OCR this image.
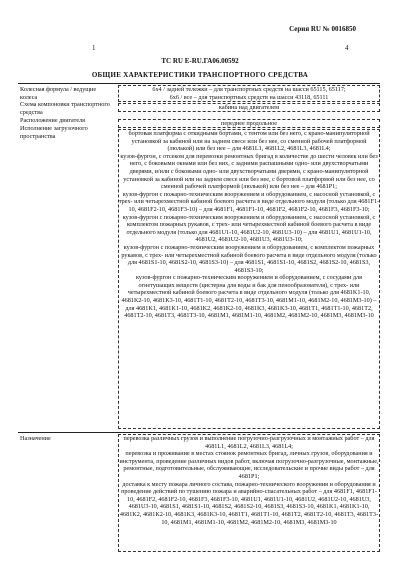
Серия RU № 0016850
1	4
TC RU E-RU.ГА06.00592
ОБЩИЕ ХАРАКТЕРИСТИКИ ТРАНСПОРТНОГО СРЕДСТВА
Колесная формула / ведущие колеса
Схема компоновки транспортного средства
Расположение двигателя
Исполнение загрузочного пространства
Назначение
6х4 / задней тележки – для транспортных средств на шасси 65115, 65117;
6х6 / все – для транспортных средств на шасси 43118, 65111
кабина над двигателем
переднее продольное

бортовая платформа с откидными бортами, с тентом или без него, с крано-манипуляторной установкой за кабиной или на заднем свесе или без нее, со сменной рабочей платформой (люлькой) или без нее – для 4681L1, 4681L2, 4681L3, 4681L4;

кузов-фургон, с отсеком для перевозки ремонтных бригад в количестве до шести человек или без него, с боковыми окнами или без них, с задними распашными одно- или двухстворчатыми дверями, и/или с боковыми одно- или двухстворчатыми дверями, с крано-манипуляторной установкой за кабиной или на заднем свесе или без нее, с бортовой платформой или без нее, со сменной рабочей платформой (люлькой) или без нее – для 4681Р1;

кузов-фургон с пожарно-техническим вооружением и оборудованием, с насосной установкой, с трех- или четырехместной кабиной боевого расчета в виде отдельного модуля (только для 4681F1-10, 4681F2-10, 4681F3-10) – для 4681F1, 4681F1-10, 4681F2, 4681F2-10, 4681F3, 4681F3-10;

кузов-фургон с пожарно-техническим вооружением и оборудованием, с насосной установкой, с комплектом пожарных рукавов, с трех- или четырехместной кабиной боевого расчета в виде отдельного модуля (только для 4681U1-10, 4681U2-10, 4681U3-10) – для 4681U1, 4681U1-10, 4681U2, 4681U2-10, 4681U3, 4681U3-10;

кузов-фургон с пожарно-техническим вооружением и оборудованием, с комплектом пожарных рукавов, с трех- или четырехместной кабиной боевого расчета в виде отдельного модуля (только для 4681S1-10, 4681S2-10, 4681S3-10) – для 4681S1, 4681S1-10, 4681S2, 4681S2-10, 4681S3, 4681S3-10;

кузов-фургон с пожарно-техническим вооружением и оборудованием, с сосудами для огнетушащих веществ (цистерна для воды и бак для пенообразователя), с трех- или четырехместной кабиной боевого расчета в виде отдельного модуля (только для 4681K1-10, 4681K2-10, 4681K3-10, 4681T1-10, 4681T2-10, 4681T3-10, 4681M1-10, 4681M2-10, 4681M3-10) – для 4681K1, 4681K1-10, 4681K2, 4681K2-10, 4681K3, 4681K3-10, 4681T1, 4681T1-10, 4681T2, 4681T2-10, 4681T3, 4681T3-10, 4681M1, 4681M1-10, 4681M2, 4681M2-10, 4681M3, 4681M3-10

перевозка различных грузов и выполнение погрузочно-разгрузочных и монтажных работ – для 4681L1, 4681L2, 4681L3, 4681L4;

перевозка и проживание в местах стоянок ремонтных бригад, личных грузов, оборудования и инструмента, проведение различных видов работ, включая погрузочно-разгрузочные, монтажные, ремонтные, подготовительные, обслуживающие, исследовательские и прочие виды работ – для 4681Р1;

доставка к месту пожара личного состава, пожарно-технического вооружения и оборудования и проведение действий по тушению пожара и аварийно-спасательных работ – для 4681F1, 4681F1-10, 4681F2, 4681F2-10, 4681F3, 4681F3-10, 4681U1, 4681U1-10, 4681U2, 4681U2-10, 4681U3, 4681U3-10, 4681S1, 4681S1-10, 4681S2, 4681S2-10, 4681S3, 4681S3-10, 4681K1, 4681K1-10, 4681K2, 4681K2-10, 4681K3, 4681K3-10, 4681T1, 4681T1-10, 4681T2, 4681T2-10, 4681T3, 4681T3-10, 4681M1, 4681M1-10, 4681M2, 4681M2-10, 4681M3, 4681M3-10
